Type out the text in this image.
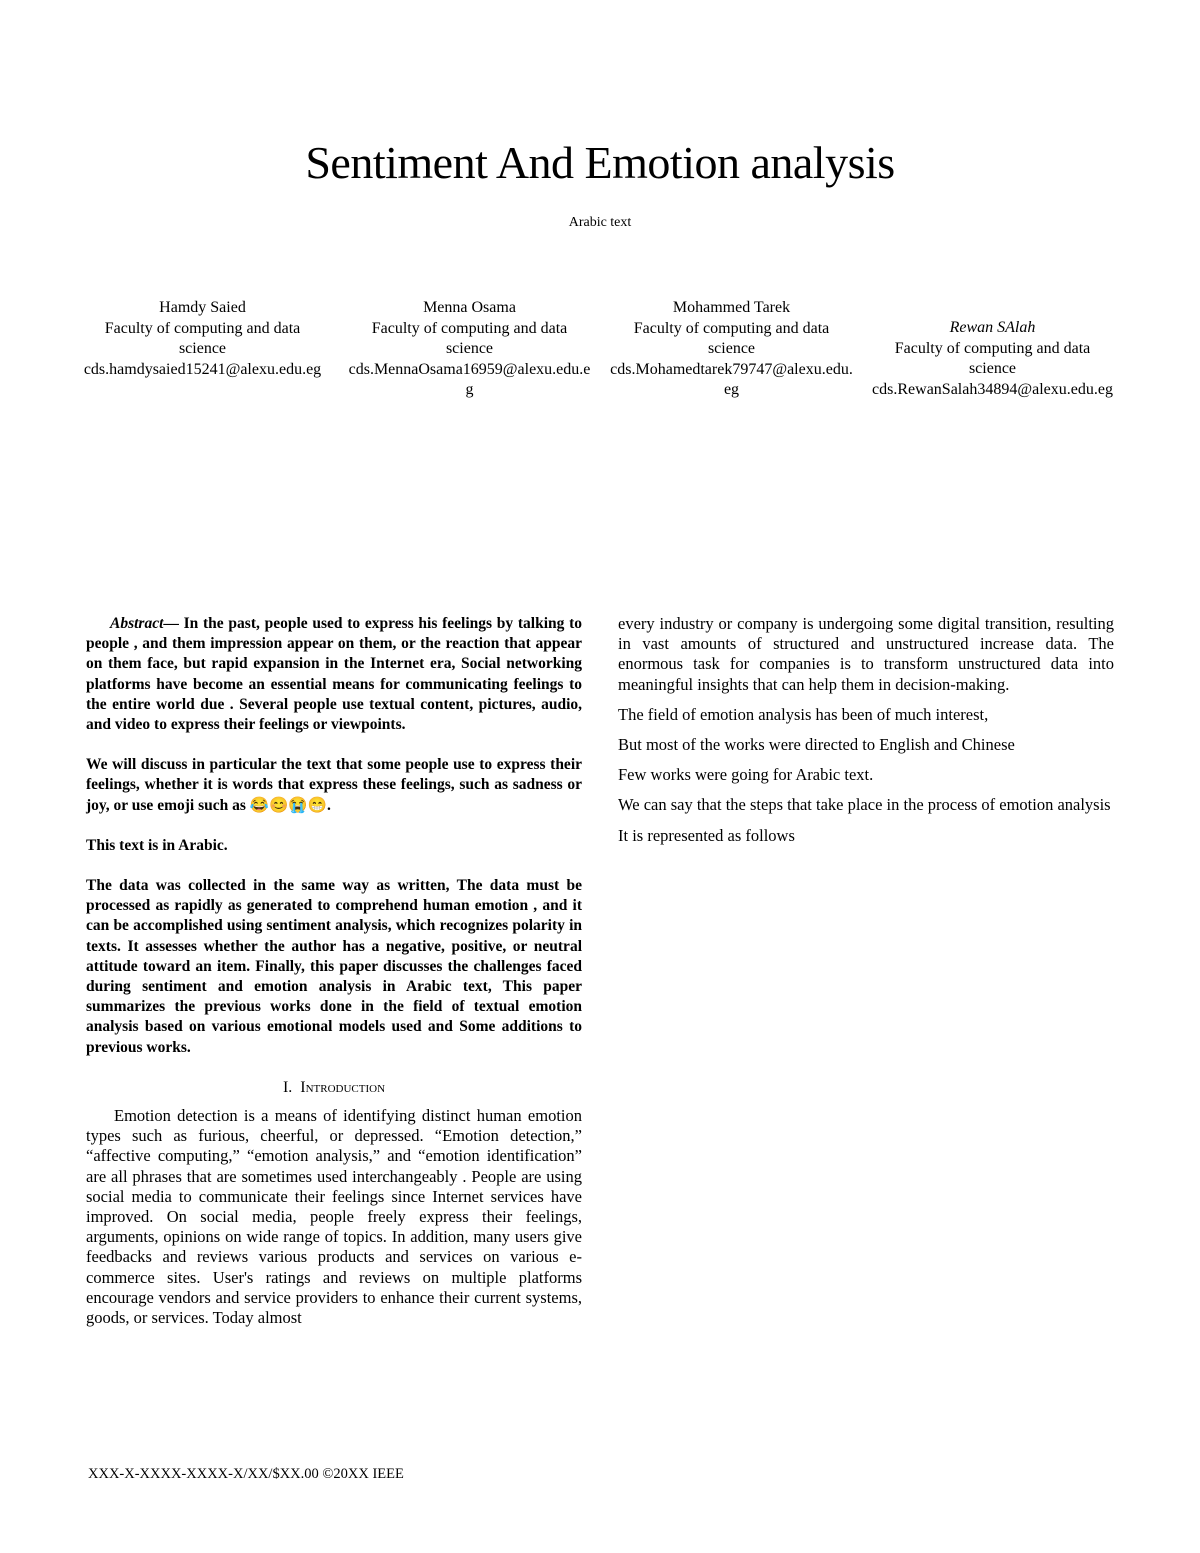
Sentiment And Emotion analysis
Arabic text
Hamdy Saied
Faculty of computing and data science
cds.hamdysaied15241@alexu.edu.eg
Menna Osama
Faculty of computing and data science
cds.MennaOsama16959@alexu.edu.eg
Mohammed Tarek
Faculty of computing and data science
cds.Mohamedtarek79747@alexu.edu.eg
Rewan SAlah
Faculty of computing and data science
cds.RewanSalah34894@alexu.edu.eg

Abstract— In the past, people used to express his feelings by talking to people , and them impression appear on them, or the reaction that appear on them face, but rapid expansion in the Internet era, Social networking platforms have become an essential means for communicating feelings to the entire world due . Several people use textual content, pictures, audio, and video to express their feelings or viewpoints.

We will discuss in particular the text that some people use to express their feelings, whether it is words that express these feelings, such as sadness or joy, or use emoji such as 😂😊😭😁.

This text is in Arabic.

The data was collected in the same way as written, The data must be processed as rapidly as generated to comprehend human emotion , and it can be accomplished using sentiment analysis, which recognizes polarity in texts. It assesses whether the author has a negative, positive, or neutral attitude toward an item. Finally, this paper discusses the challenges faced during sentiment and emotion analysis in Arabic text, This paper summarizes the previous works done in the field of textual emotion analysis based on various emotional models used and Some additions to previous works.

I. Introduction

Emotion detection is a means of identifying distinct human emotion types such as furious, cheerful, or depressed. “Emotion detection,” “affective computing,” “emotion analysis,” and “emotion identification” are all phrases that are sometimes used interchangeably . People are using social media to communicate their feelings since Internet services have improved. On social media, people freely express their feelings, arguments, opinions on wide range of topics. In addition, many users give feedbacks and reviews various products and services on various e-commerce sites. User's ratings and reviews on multiple platforms encourage vendors and service providers to enhance their current systems, goods, or services. Today almost

every industry or company is undergoing some digital transition, resulting in vast amounts of structured and unstructured increase data. The enormous task for companies is to transform unstructured data into meaningful insights that can help them in decision-making.

The field of emotion analysis has been of much interest,

But most of the works were directed to English and Chinese

Few works were going for Arabic text.

We can say that the steps that take place in the process of emotion analysis

It is represented as follows

XXX-X-XXXX-XXXX-X/XX/$XX.00 ©20XX IEEE
